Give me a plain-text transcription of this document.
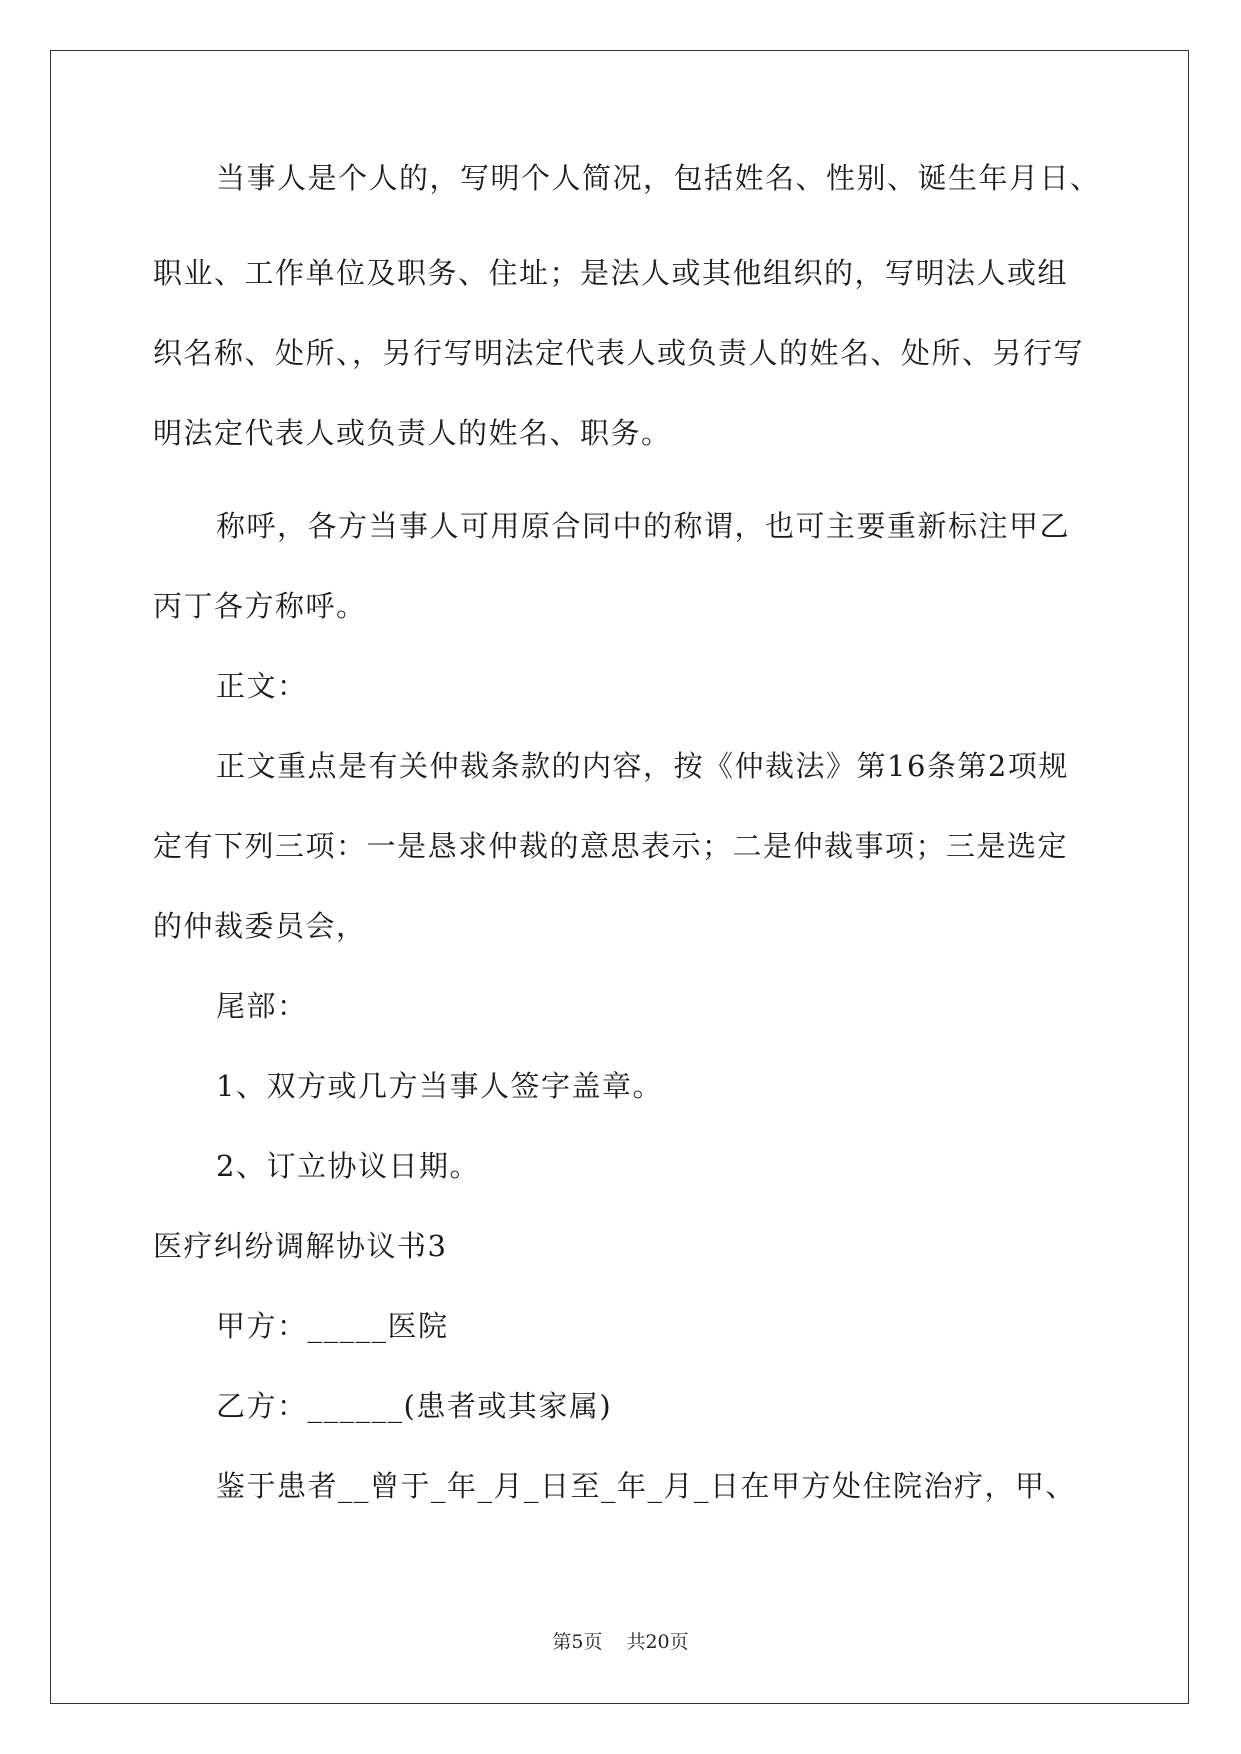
当事人是个人的，写明个人简况，包括姓名、性别、诞生年月日、
职业、工作单位及职务、住址；是法人或其他组织的，写明法人或组
织名称、处所、，另行写明法定代表人或负责人的姓名、处所、另行写
明法定代表人或负责人的姓名、职务。
称呼，各方当事人可用原合同中的称谓，也可主要重新标注甲乙
丙丁各方称呼。
正文：
正文重点是有关仲裁条款的内容，按《仲裁法》第16条第2项规
定有下列三项：一是恳求仲裁的意思表示；二是仲裁事项；三是选定
的仲裁委员会，
尾部：
1、双方或几方当事人签字盖章。
2、订立协议日期。
医疗纠纷调解协议书3
甲方：_____医院
乙方：______(患者或其家属)
鉴于患者__曾于_年_月_日至_年_月_日在甲方处住院治疗，甲、
第5页 共20页
